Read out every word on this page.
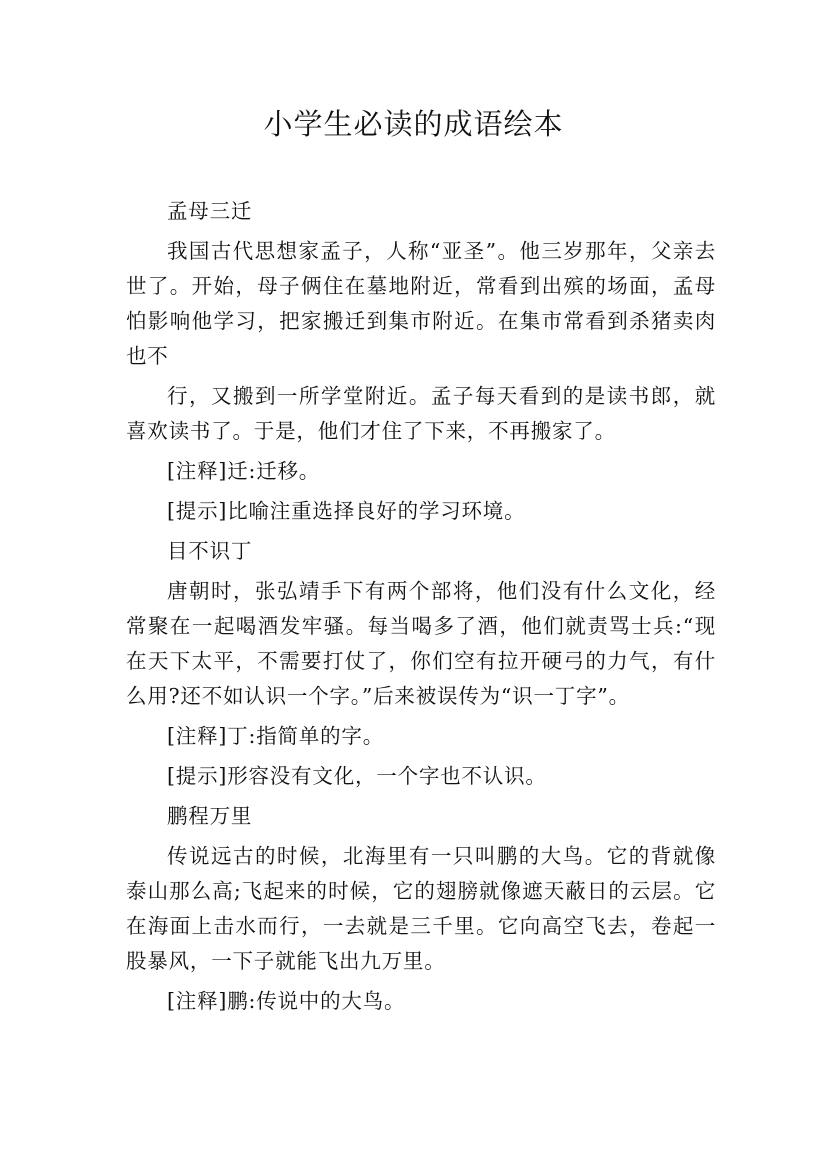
小学生必读的成语绘本

孟母三迁

我国古代思想家孟子，人称“亚圣”。他三岁那年，父亲去世了。开始，母子俩住在墓地附近，常看到出殡的场面，孟母怕影响他学习，把家搬迁到集市附近。在集市常看到杀猪卖肉也不

行，又搬到一所学堂附近。孟子每天看到的是读书郎，就喜欢读书了。于是，他们才住了下来，不再搬家了。

[注释]迁:迁移。

[提示]比喻注重选择良好的学习环境。

目不识丁

唐朝时，张弘靖手下有两个部将，他们没有什么文化，经常聚在一起喝酒发牢骚。每当喝多了酒，他们就责骂士兵:“现在天下太平，不需要打仗了，你们空有拉开硬弓的力气，有什么用?还不如认识一个字。”后来被误传为“识一丁字”。

[注释]丁:指简单的字。

[提示]形容没有文化，一个字也不认识。

鹏程万里

传说远古的时候，北海里有一只叫鹏的大鸟。它的背就像泰山那么高;飞起来的时候，它的翅膀就像遮天蔽日的云层。它在海面上击水而行，一去就是三千里。它向高空飞去，卷起一股暴风，一下子就能飞出九万里。

[注释]鹏:传说中的大鸟。
